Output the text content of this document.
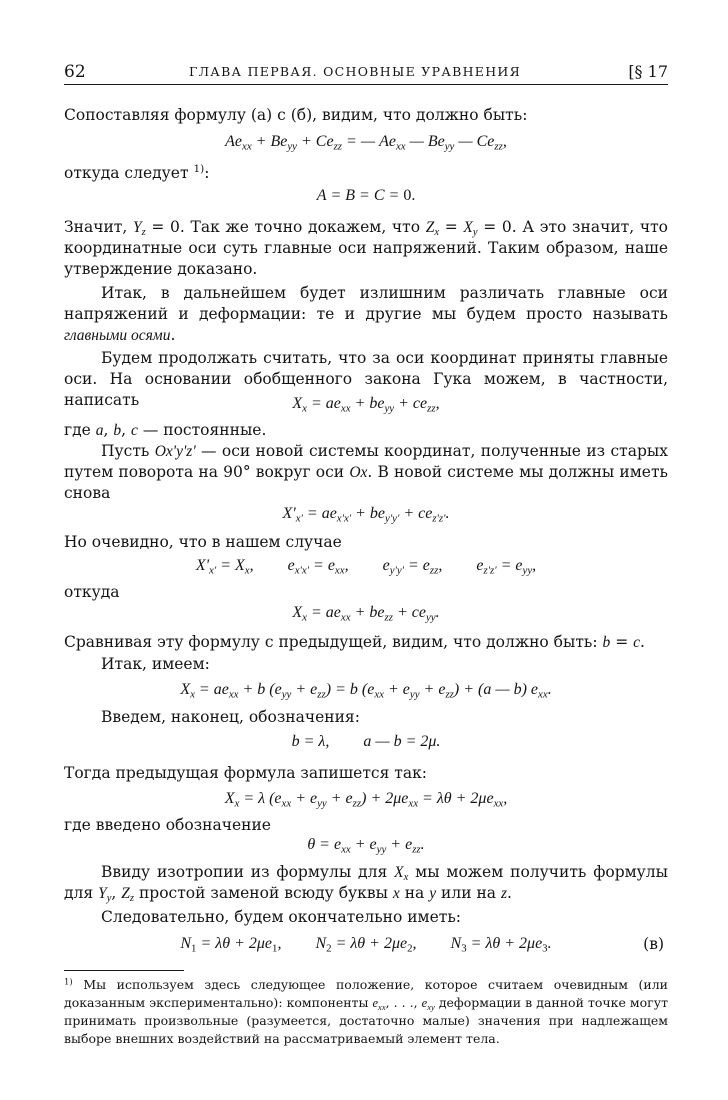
62	ГЛАВА ПЕРВАЯ. ОСНОВНЫЕ УРАВНЕНИЯ	[§ 17
Сопоставляя формулу (а) с (б), видим, что должно быть:
$Ae_{xx} + Be_{yy} + Ce_{zz}$ = — $Ae_{xx}$ — $Be_{yy}$ — $Ce_{zz}$,
откуда следует $^{1)}$:
A = B = C = 0.
Значит, $Y_z = 0$. Так же точно докажем, что $Z_x = X_y = 0$. А это значит, что координатные оси суть главные оси напряжений. Таким образом, наше утверждение доказано.
Итак, в дальнейшем будет излишним различать главные оси напряжений и деформации: те и другие мы будем просто называть главными осями.
Будем продолжать считать, что за оси координат приняты главные оси. На основании обобщенного закона Гука можем, в частности, написать	$X_x = ae_{xx} + be_{yy} + ce_{zz}$,
где a, b, c — постоянные.
Пусть Ox'y'z' — оси новой системы координат, полученные из старых путем поворота на 90° вокруг оси Ox. В новой системе мы должны иметь снова
$X'_{x'} = ae_{x'x'} + be_{y'y'} + ce_{z'z'}$.
Но очевидно, что в нашем случае
$X'_{x'} = X_x$, $e_{x'x'} = e_{xx}$, $e_{y'y'} = e_{zz}$, $e_{z'z'} = e_{yy}$,
откуда
$X_x = ae_{xx} + be_{zz} + ce_{yy}$.
Сравнивая эту формулу с предыдущей, видим, что должно быть: b = c.
Итак, имеем:
$X_x = ae_{xx} + b$ $(e_{yy} + e_{zz}) = b$ $(e_{xx} + e_{yy} + e_{zz}) + (a$ — b) $e_{xx}$.
Введем, наконец, обозначения:
b = λ, a — b = 2μ.
Тогда предыдущая формула запишется так:
$X_x = \lambda$ $(e_{xx} + e_{yy} + e_{zz}) + 2\mu e_{xx} = \lambda\theta + 2\mu e_{xx}$,
где введено обозначение
$\theta = e_{xx} + e_{yy} + e_{zz}$.
Ввиду изотропии из формулы для $X_x$ мы можем получить формулы для $Y_y$, $Z_z$ простой заменой всюду буквы x на y или на z.
Следовательно, будем окончательно иметь:
$N_1 = \lambda\theta + 2\mu e_1$, $N_2 = \lambda\theta + 2\mu e_2$, $N_3 = \lambda\theta + 2\mu e_3$.	(в)
$^{1)}$ Мы используем здесь следующее положение, которое считаем очевидным (или доказанным экспериментально): компоненты $e_{xx}$, . . ., $e_{xy}$ деформации в данной точке могут принимать произвольные (разумеется, достаточно малые) значения при надлежащем выборе внешних воздействий на рассматриваемый элемент тела.
